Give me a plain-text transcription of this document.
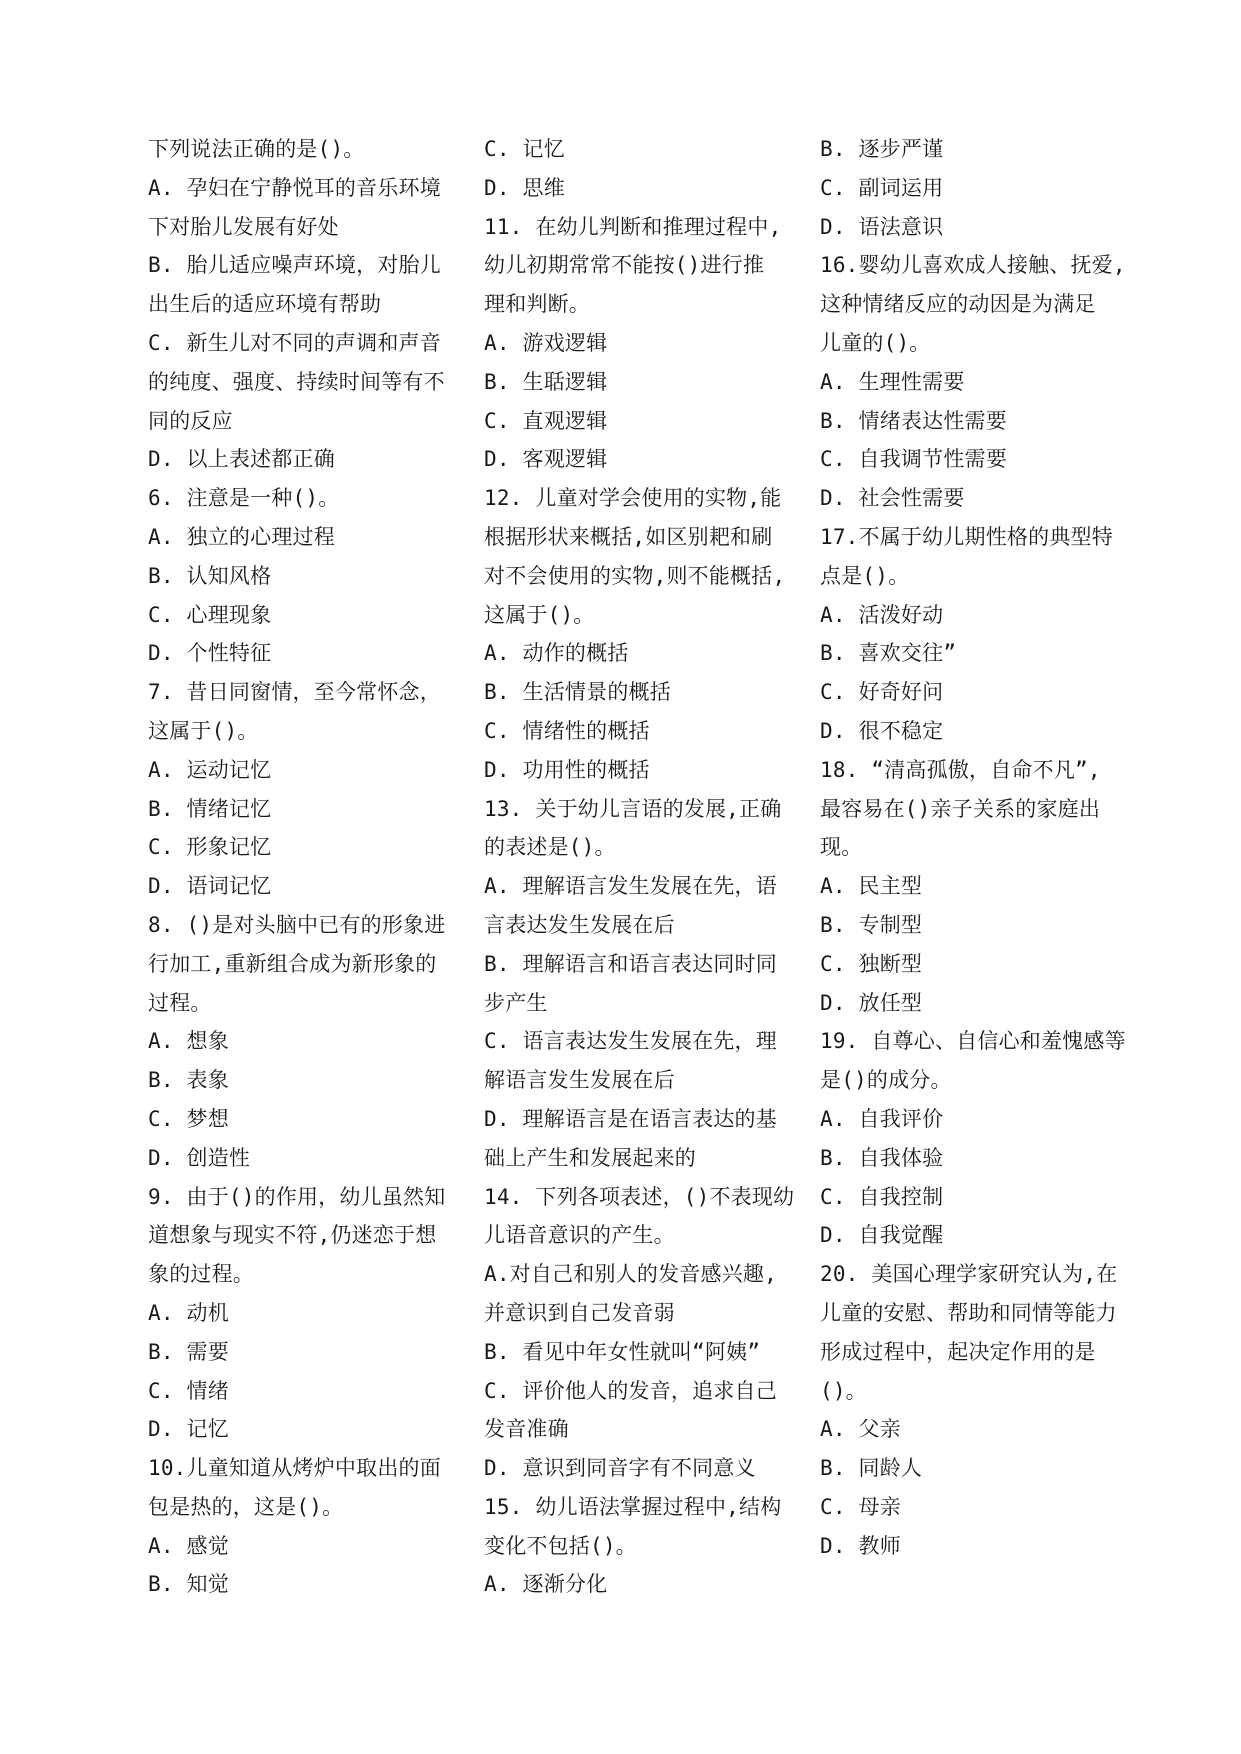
下列说法正确的是()。
A. 孕妇在宁静悦耳的音乐环境
下对胎儿发展有好处
B. 胎儿适应噪声环境，对胎儿
出生后的适应环境有帮助
C. 新生儿对不同的声调和声音
的纯度、强度、持续时间等有不
同的反应
D. 以上表述都正确
6. 注意是一种()。
A. 独立的心理过程
B. 认知风格
C. 心理现象
D. 个性特征
7. 昔日同窗情，至今常怀念，
这属于()。
A. 运动记忆
B. 情绪记忆
C. 形象记忆
D. 语词记忆
8. ()是对头脑中已有的形象进
行加工,重新组合成为新形象的
过程。
A. 想象
B. 表象
C. 梦想
D. 创造性
9. 由于()的作用，幼儿虽然知
道想象与现实不符,仍迷恋于想
象的过程。
A. 动机
B. 需要
C. 情绪
D. 记忆
10.儿童知道从烤炉中取出的面
包是热的，这是()。
A. 感觉
B. 知觉
C. 记忆
D. 思维
11. 在幼儿判断和推理过程中,
幼儿初期常常不能按()进行推
理和判断。
A. 游戏逻辑
B. 生聒逻辑
C. 直观逻辑
D. 客观逻辑
12. 儿童对学会使用的实物,能
根据形状来概括,如区别耙和刷
对不会使用的实物,则不能概括,
这属于()。
A. 动作的概括
B. 生活情景的概括
C. 情绪性的概括
D. 功用性的概括
13. 关于幼儿言语的发展,正确
的表述是()。
A. 理解语言发生发展在先，语
言表达发生发展在后
B. 理解语言和语言表达同时同
步产生
C. 语言表达发生发展在先，理
解语言发生发展在后
D. 理解语言是在语言表达的基
础上产生和发展起来的
14. 下列各项表述，()不表现幼
儿语音意识的产生。
A.对自己和别人的发音感兴趣,
并意识到自己发音弱
B. 看见中年女性就叫“阿姨”
C. 评价他人的发音，追求自己
发音准确
D. 意识到同音字有不同意义
15. 幼儿语法掌握过程中,结构
变化不包括()。
A. 逐渐分化
B. 逐步严谨
C. 副词运用
D. 语法意识
16.婴幼儿喜欢成人接触、抚爱,
这种情绪反应的动因是为满足
儿童的()。
A. 生理性需要
B. 情绪表达性需要
C. 自我调节性需要
D. 社会性需要
17.不属于幼儿期性格的典型特
点是()。
A. 活泼好动
B. 喜欢交往”
C. 好奇好问
D. 很不稳定
18. “清高孤傲，自命不凡”,
最容易在()亲子关系的家庭出
现。
A. 民主型
B. 专制型
C. 独断型
D. 放任型
19. 自尊心、自信心和羞愧感等
是()的成分。
A. 自我评价
B. 自我体验
C. 自我控制
D. 自我觉醒
20. 美国心理学家研究认为,在
儿童的安慰、帮助和同情等能力
形成过程中，起决定作用的是
()。
A. 父亲
B. 同龄人
C. 母亲
D. 教师
